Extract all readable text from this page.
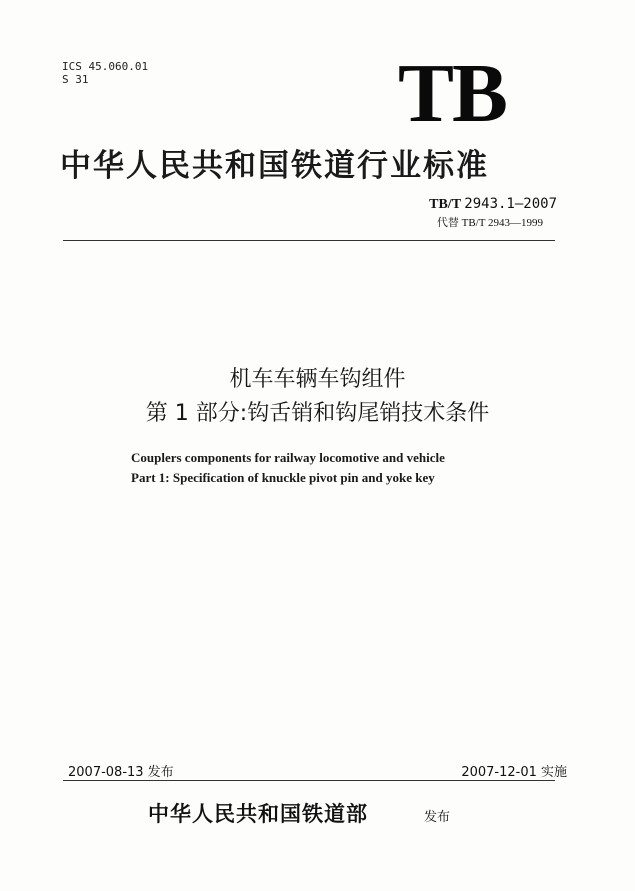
ICS 45.060.01
S 31	TB
中华人民共和国铁道行业标准
TB/T 2943.1—2007
代替 TB/T 2943—1999
机车车辆车钩组件
第 1 部分:钩舌销和钩尾销技术条件
Couplers components for railway locomotive and vehicle
Part 1: Specification of knuckle pivot pin and yoke key
2007-08-13 发布	2007-12-01 实施
中华人民共和国铁道部	发布
